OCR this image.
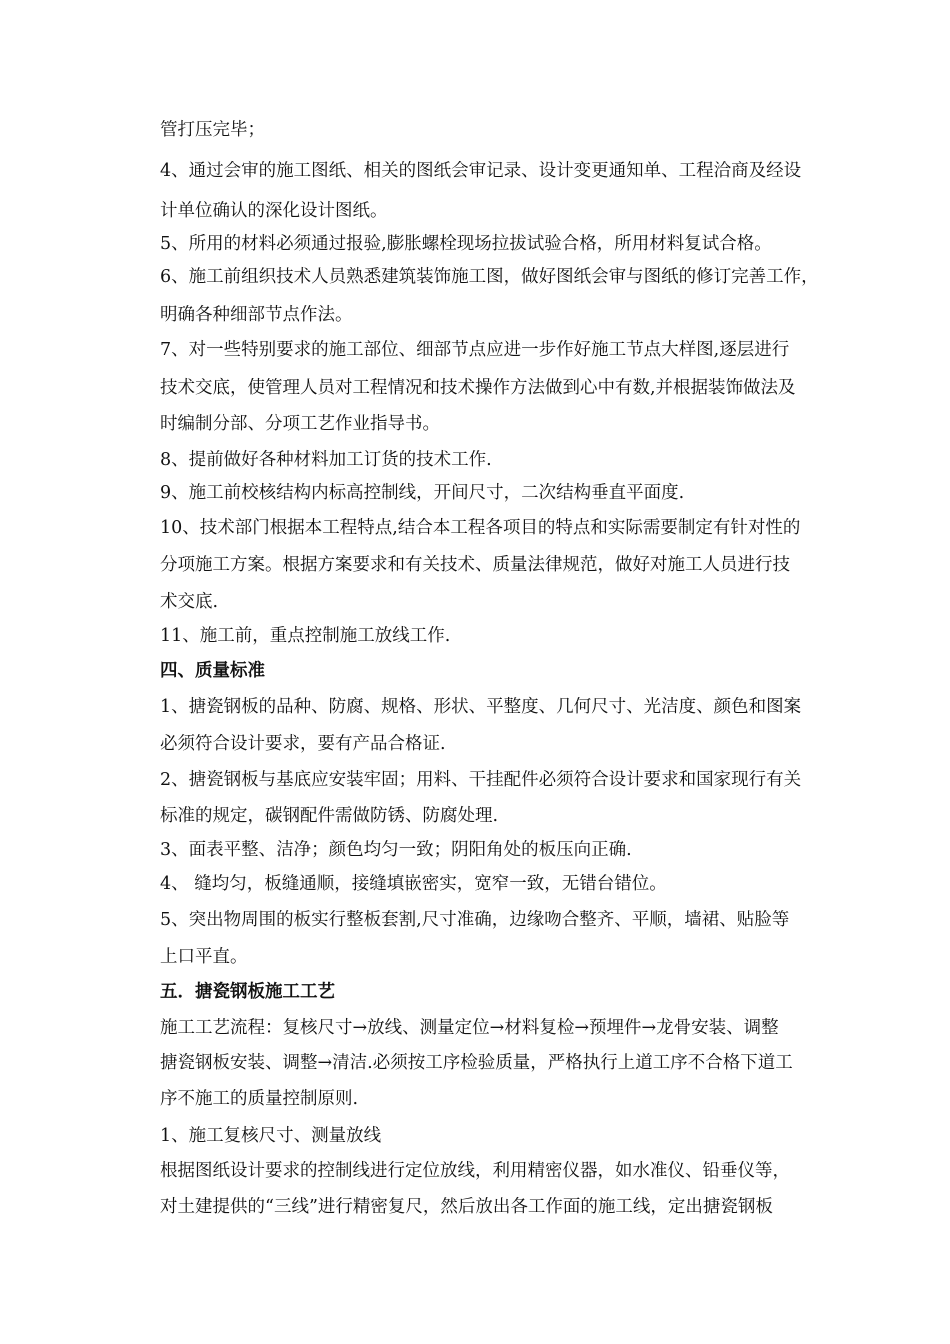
管打压完毕；
4、通过会审的施工图纸、相关的图纸会审记录、设计变更通知单、工程洽商及经设
计单位确认的深化设计图纸。
5、所用的材料必须通过报验,膨胀螺栓现场拉拔试验合格，所用材料复试合格。
6、施工前组织技术人员熟悉建筑装饰施工图，做好图纸会审与图纸的修订完善工作，
明确各种细部节点作法。
7、对一些特别要求的施工部位、细部节点应进一步作好施工节点大样图,逐层进行
技术交底，使管理人员对工程情况和技术操作方法做到心中有数,并根据装饰做法及
时编制分部、分项工艺作业指导书。
8、提前做好各种材料加工订货的技术工作.
9、施工前校核结构内标高控制线，开间尺寸，二次结构垂直平面度.
10、技术部门根据本工程特点,结合本工程各项目的特点和实际需要制定有针对性的
分项施工方案。根据方案要求和有关技术、质量法律规范，做好对施工人员进行技
术交底.
11、施工前，重点控制施工放线工作.
四、质量标准
1、搪瓷钢板的品种、防腐、规格、形状、平整度、几何尺寸、光洁度、颜色和图案
必须符合设计要求，要有产品合格证.
2、搪瓷钢板与基底应安装牢固；用料、干挂配件必须符合设计要求和国家现行有关
标准的规定，碳钢配件需做防锈、防腐处理.
3、面表平整、洁净；颜色均匀一致；阴阳角处的板压向正确.
4、 缝均匀，板缝通顺，接缝填嵌密实，宽窄一致，无错台错位。
5、突出物周围的板实行整板套割,尺寸准确，边缘吻合整齐、平顺，墙裙、贴脸等
上口平直。
五．搪瓷钢板施工工艺
施工工艺流程：复核尺寸→放线、测量定位→材料复检→预埋件→龙骨安装、调整
搪瓷钢板安装、调整→清洁.必须按工序检验质量，严格执行上道工序不合格下道工
序不施工的质量控制原则.
1、施工复核尺寸、测量放线
根据图纸设计要求的控制线进行定位放线，利用精密仪器，如水准仪、铅垂仪等，
对土建提供的“三线”进行精密复尺，然后放出各工作面的施工线，定出搪瓷钢板
